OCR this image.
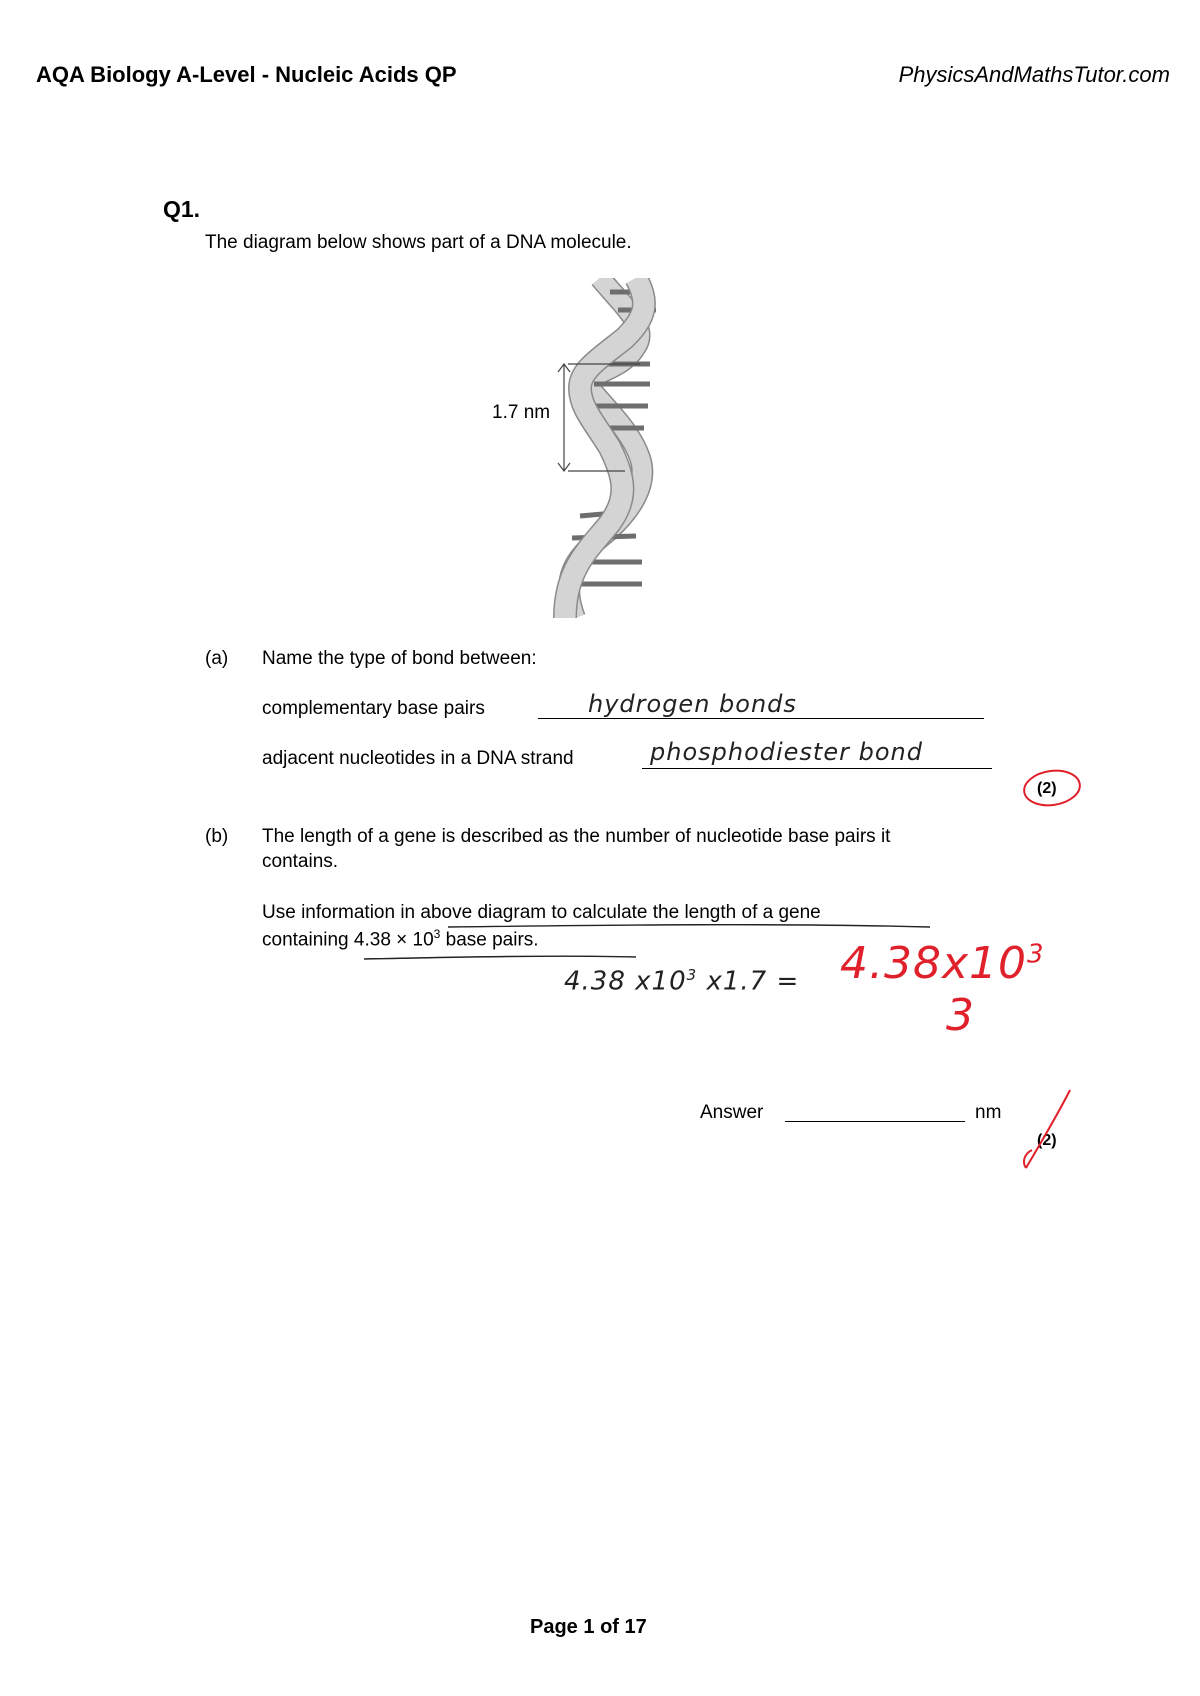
AQA Biology A-Level - Nucleic Acids QP	PhysicsAndMathsTutor.com
Q1.
The diagram below shows part of a DNA molecule.
1.7 nm
(a) Name the type of bond between:
complementary base pairs	hydrogen bonds
adjacent nucleotides in a DNA strand	phosphodiester bond
(2)
(b) The length of a gene is described as the number of nucleotide base pairs it
contains.
Use information in above diagram to calculate the length of a gene
containing $4.38 \times 10^3$ base pairs.
4.38 $x10^3$ $x1.7 = 4.38x10^3$
3
Answer	nm
(2)
Page 1 of 17
